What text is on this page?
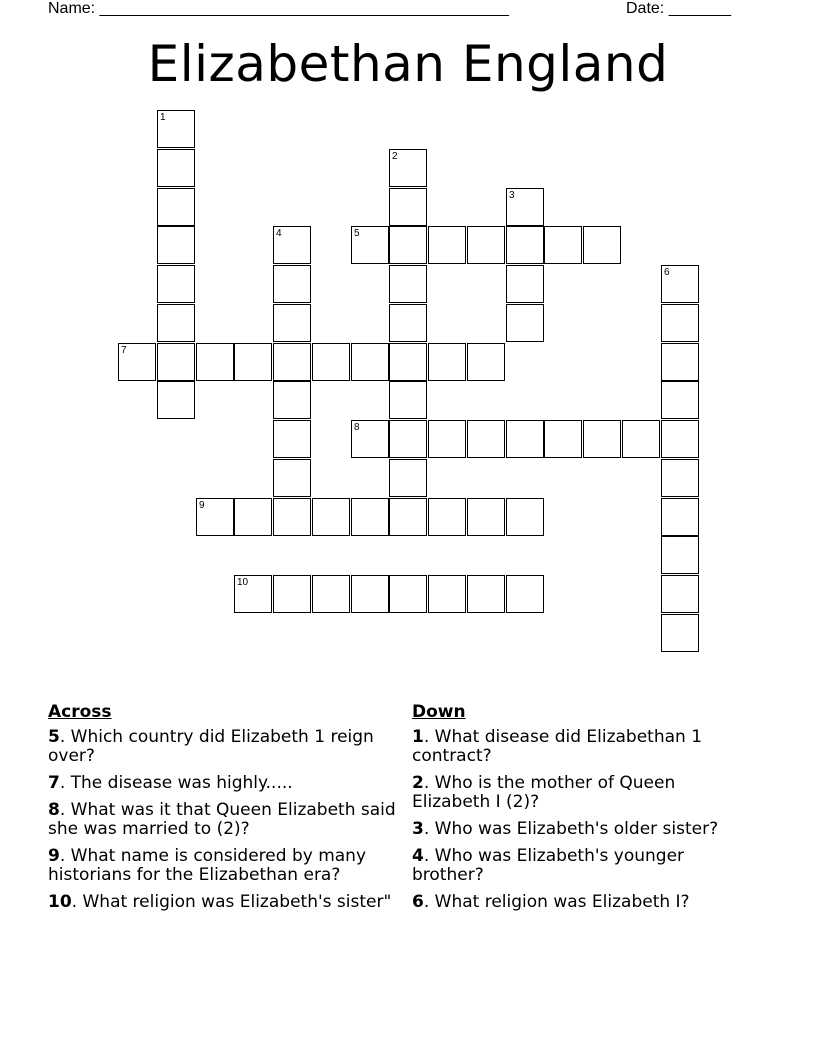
Name: ______________________________________________	Date: _______
Elizabethan England
1
2
3
4	5
6
7
8
9
10
Across
5. Which country did Elizabeth 1 reign over?
7. The disease was highly.....
8. What was it that Queen Elizabeth said she was married to (2)?
9. What name is considered by many historians for the Elizabethan era?
10. What religion was Elizabeth's sister"
Down
1. What disease did Elizabethan 1 contract?
2. Who is the mother of Queen Elizabeth I (2)?
3. Who was Elizabeth's older sister?
4. Who was Elizabeth's younger brother?
6. What religion was Elizabeth I?
